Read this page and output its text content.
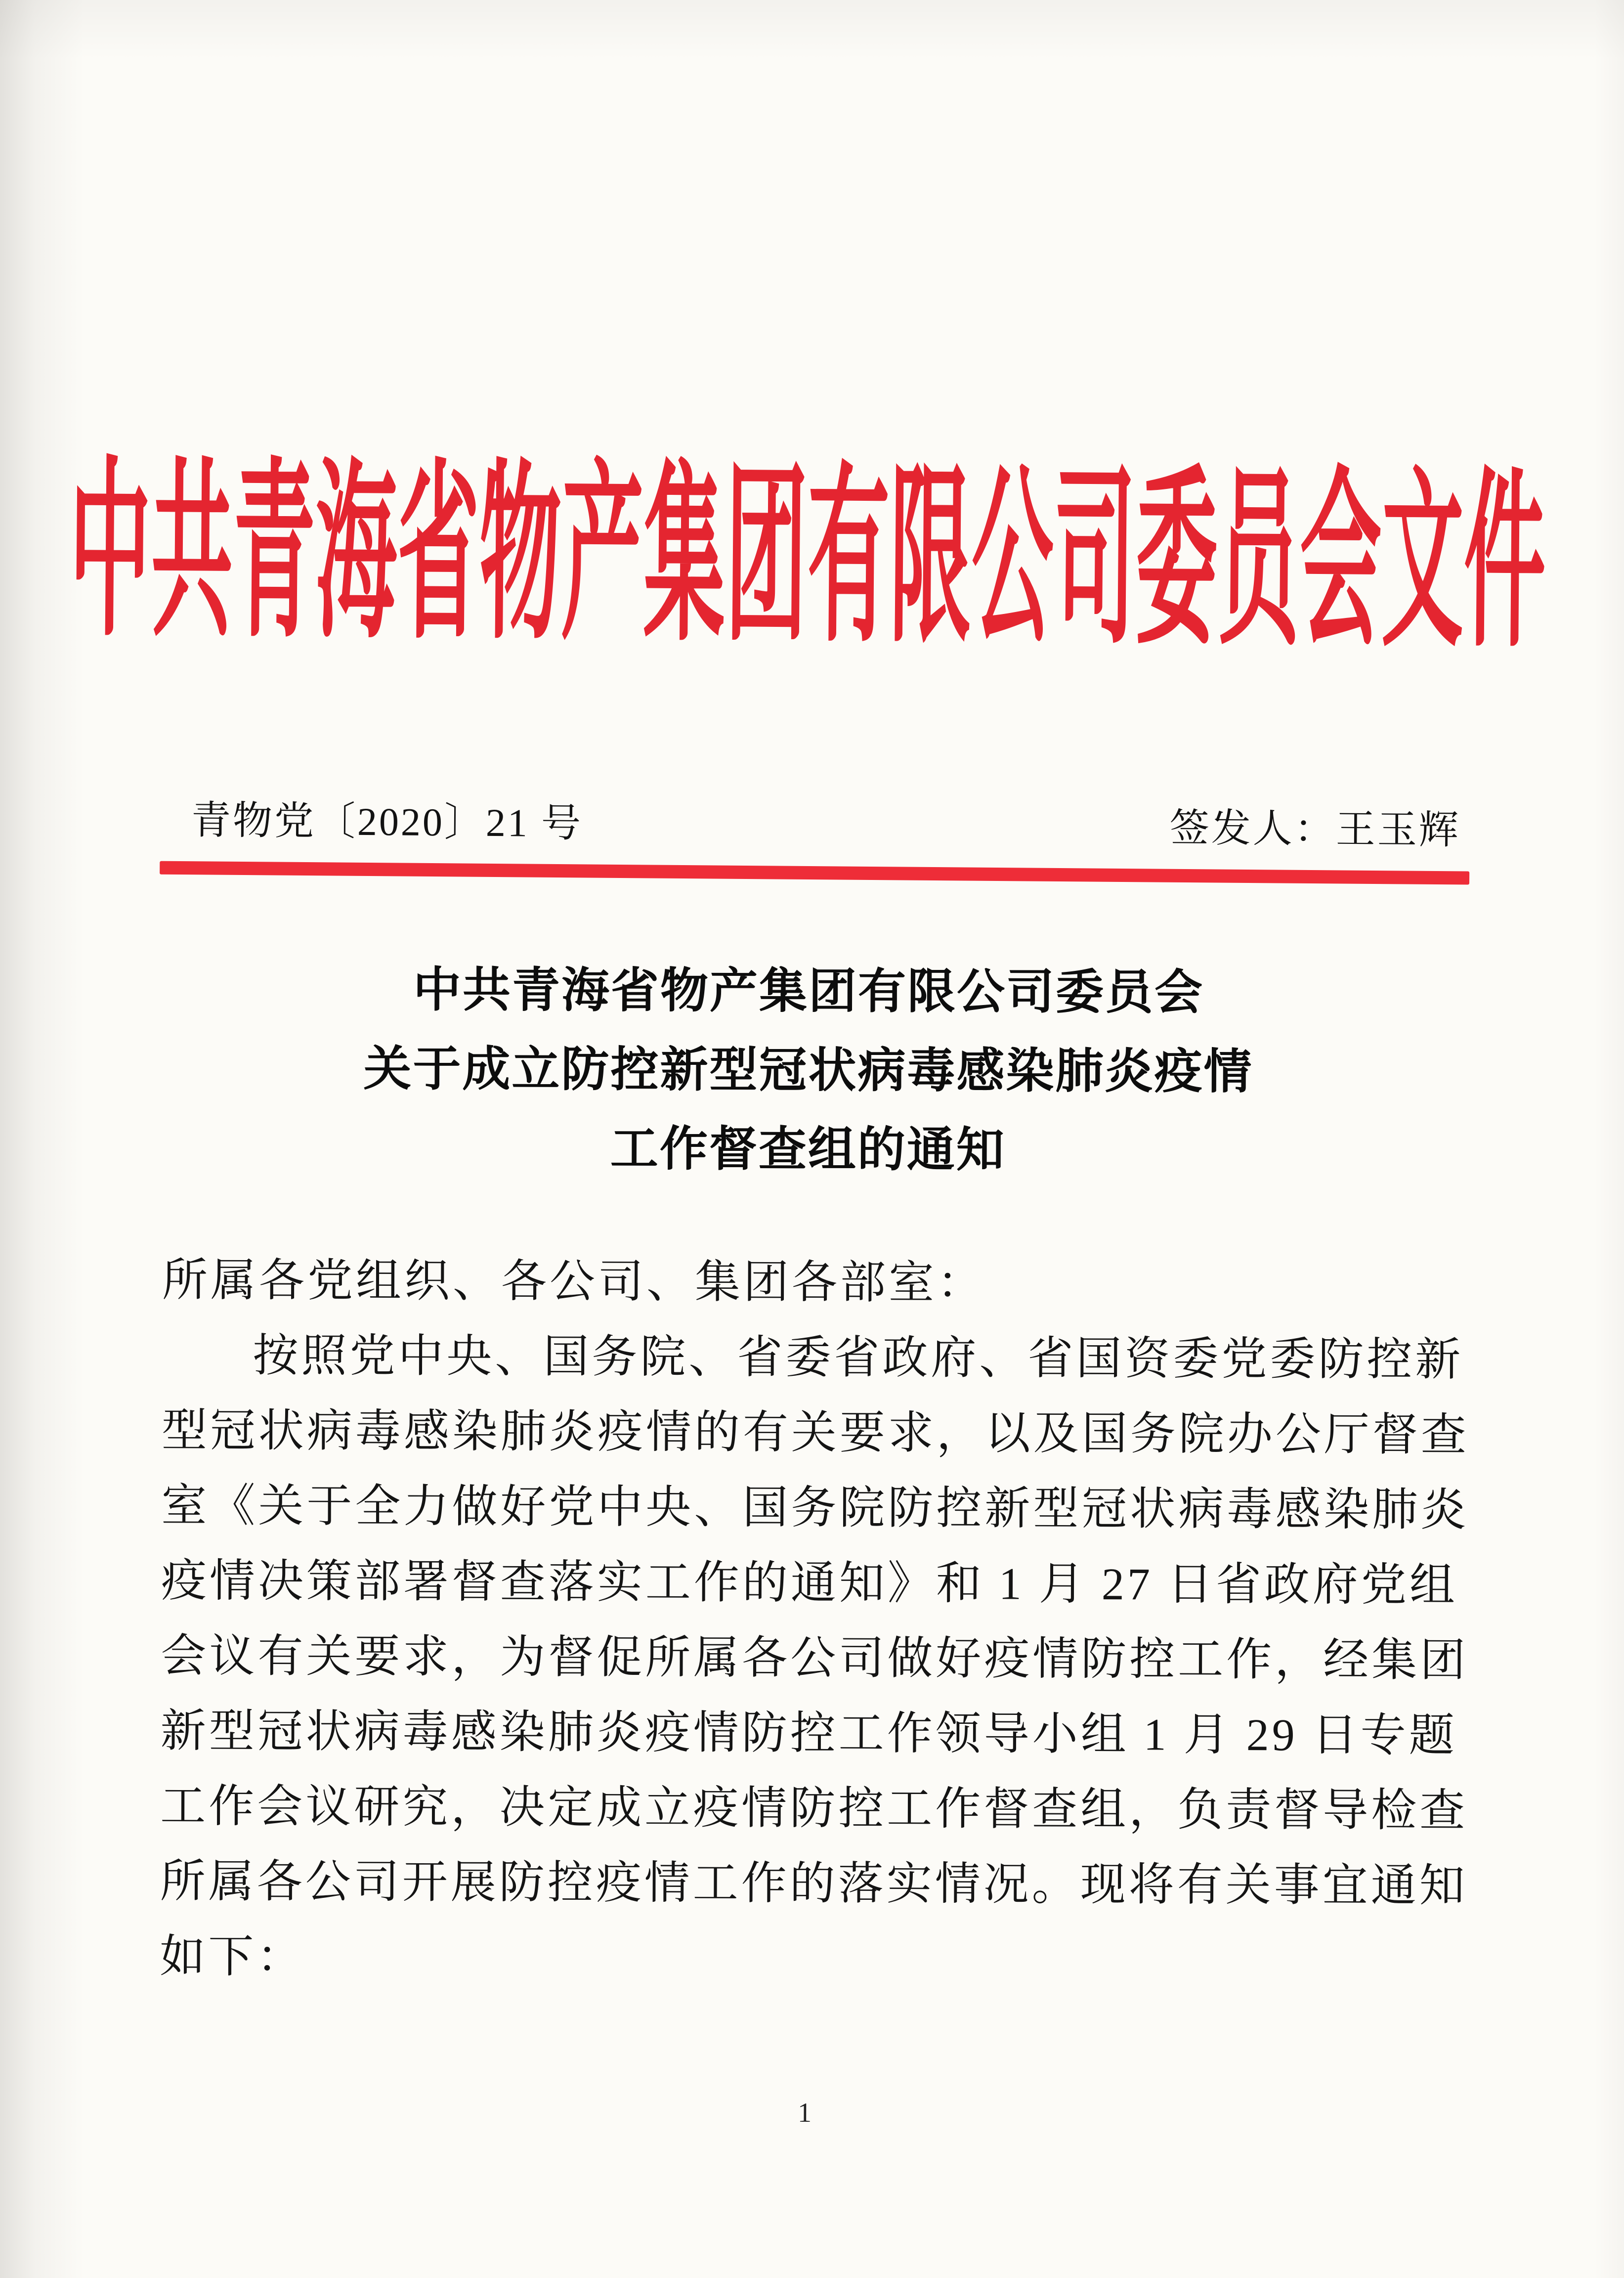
中共青海省物产集团有限公司委员会文件
青物党〔2020〕21 号	签发人：王玉辉
中共青海省物产集团有限公司委员会
关于成立防控新型冠状病毒感染肺炎疫情
工作督查组的通知
所属各党组织、各公司、集团各部室：
按照党中央、国务院、省委省政府、省国资委党委防控新
型冠状病毒感染肺炎疫情的有关要求，以及国务院办公厅督查
室《关于全力做好党中央、国务院防控新型冠状病毒感染肺炎
疫情决策部署督查落实工作的通知》和 1 月 27 日省政府党组
会议有关要求，为督促所属各公司做好疫情防控工作，经集团
新型冠状病毒感染肺炎疫情防控工作领导小组 1 月 29 日专题
工作会议研究，决定成立疫情防控工作督查组，负责督导检查
所属各公司开展防控疫情工作的落实情况。现将有关事宜通知
如下：
1
